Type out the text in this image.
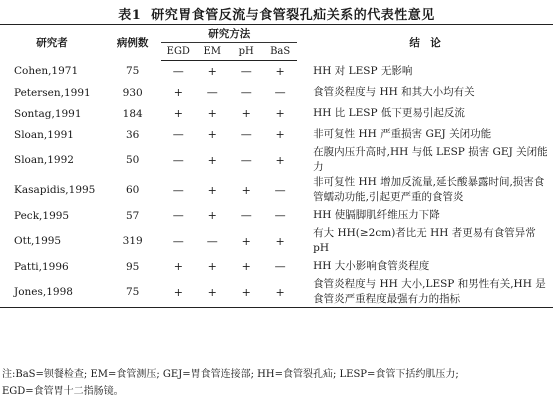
表1 研究胃食管反流与食管裂孔疝关系的代表性意见
研究者	病例数	研究方法				结　论
		EGD	EM	pH	BaS	
Cohen,1971	75	—	+	—	+	HH 对 LESP 无影响
Petersen,1991	930	+	—	—	—	食管炎程度与 HH 和其大小均有关
Sontag,1991	184	+	+	+	+	HH 比 LESP 低下更易引起反流
Sloan,1991	36	—	+	—	+	非可复性 HH 严重损害 GEJ 关闭功能
Sloan,1992	50	—	+	—	+	在腹内压升高时,HH 与低 LESP 损害 GEJ 关闭能力
Kasapidis,1995	60	—	+	+	—	非可复性 HH 增加反流量,延长酸暴露时间,损害食管蠕动功能,引起更严重的食管炎
Peck,1995	57	—	+	—	—	HH 使膈脚肌纤维压力下降
Ott,1995	319	—	—	+	+	有大 HH(≥2cm)者比无 HH 者更易有食管异常 pH
Patti,1996	95	+	+	+	—	HH 大小影响食管炎程度
Jones,1998	75	+	+	+	+	食管炎程度与 HH 大小,LESP 和男性有关,HH 是食管炎严重程度最强有力的指标
注:BaS=钡餐检查; EM=食管测压; GEJ=胃食管连接部; HH=食管裂孔疝; LESP=食管下括约肌压力;
EGD=食管胃十二指肠镜。
